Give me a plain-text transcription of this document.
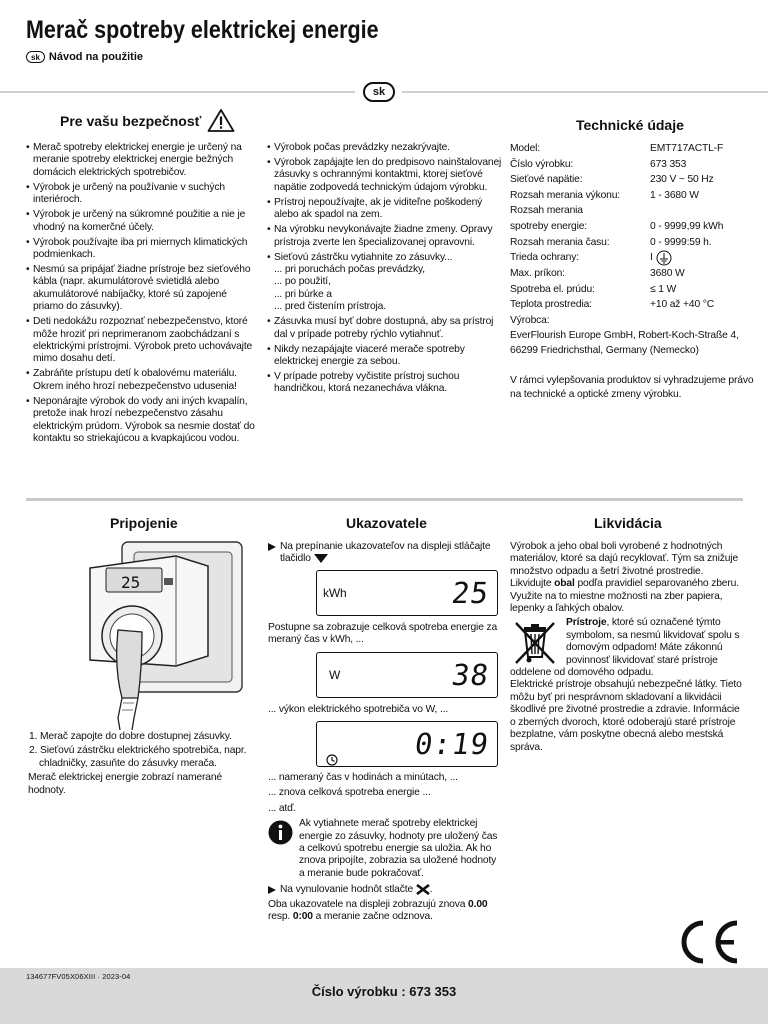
Merač spotreby elektrickej energie
sk Návod na použitie
sk
Pre vašu bezpečnosť
• Merač spotreby elektrickej energie je určený na meranie spotreby elektrickej energie bežných domácich elektrických spotrebičov.
• Výrobok je určený na používanie v suchých interiéroch.
• Výrobok je určený na súkromné použitie a nie je vhodný na komerčné účely.
• Výrobok používajte iba pri miernych klimatických podmienkach.
• Nesmú sa pripájať žiadne prístroje bez sieťového kábla (napr. akumulátorové svietidlá alebo akumulátorové nabíjačky, ktoré sú zapojené priamo do zásuvky).
• Deti nedokážu rozpoznať nebezpečenstvo, ktoré môže hroziť pri neprimeranom zaobchádzaní s elektrickými prístrojmi. Výrobok preto uchovávajte mimo dosahu detí.
• Zabráňte prístupu detí k obalovému materiálu. Okrem iného hrozí nebezpečenstvo udusenia!
• Neponárajte výrobok do vody ani iných kvapalín, pretože inak hrozí nebezpečenstvo zásahu elektrickým prúdom. Výrobok sa nesmie dostať do kontaktu so striekajúcou a kvapkajúcou vodou.
• Výrobok počas prevádzky nezakrývajte.
• Výrobok zapájajte len do predpisovo nainštalovanej zásuvky s ochrannými kontaktmi, ktorej sieťové napätie zodpovedá technickým údajom výrobku.
• Prístroj nepoužívajte, ak je viditeľne poškodený alebo ak spadol na zem.
• Na výrobku nevykonávajte žiadne zmeny. Opravy prístroja zverte len špecializovanej opravovni.
• Sieťovú zástrčku vytiahnite zo zásuvky...
... pri poruchách počas prevádzky,
... po použití,
... pri búrke a
... pred čistením prístroja.
• Zásuvka musí byť dobre dostupná, aby sa prístroj dal v prípade potreby rýchlo vytiahnuť.
• Nikdy nezapájajte viaceré merače spotreby elektrickej energie za sebou.
• V prípade potreby vyčistite prístroj suchou handričkou, ktorá nezanecháva vlákna.
Technické údaje
Model:	EMT717ACTL-F
Číslo výrobku:	673 353
Sieťové napätie:	230 V ~ 50 Hz
Rozsah merania výkonu:	1 - 3680 W
Rozsah merania
spotreby energie:	0 - 9999,99 kWh
Rozsah merania času:	0 - 9999:59 h.
Trieda ochrany:	I
Max. príkon:	3680 W
Spotreba el. prúdu:	≤ 1 W
Teplota prostredia:	+10 až +40 °C
Výrobca:
EverFlourish Europe GmbH, Robert-Koch-Straße 4,
66299 Friedrichsthal, Germany (Nemecko)
V rámci vylepšovania produktov si vyhradzujeme právo na technické a optické zmeny výrobku.
Pripojenie
25
1. Merač zapojte do dobre dostupnej zásuvky.
2. Sieťovú zástrčku elektrického spotrebiča, napr. chladničky, zasuňte do zásuvky merača.
Merač elektrickej energie zobrazí namerané hodnoty.
Ukazovatele
Na prepínanie ukazovateľov na displeji stláčajte tlačidlo
kWh	25
Postupne sa zobrazuje celková spotreba energie za meraný čas v kWh, ...
W	38
... výkon elektrického spotrebiča vo W, ...
0:19
... nameraný čas v hodinách a minútach, ...
... znova celková spotreba energie ...
... atď.
Ak vytiahnete merač spotreby elektrickej energie zo zásuvky, hodnoty pre uložený čas a celkovú spotrebu energie sa uložia. Ak ho znova pripojíte, zobrazia sa uložené hodnoty a meranie bude pokračovať.
Na vynulovanie hodnôt stlačte .
Oba ukazovatele na displeji zobrazujú znova 0.00
resp. 0:00 a meranie začne odznova.
Likvidácia
Výrobok a jeho obal boli vyrobené z hodnotných materiálov, ktoré sa dajú recyklovať. Tým sa znižuje množstvo odpadu a šetrí životné prostredie.
Likvidujte obal podľa pravidiel separovaného zberu. Využite na to miestne možnosti na zber papiera, lepenky a ľahkých obalov.
Prístroje, ktoré sú označené týmto symbolom, sa nesmú likvidovať spolu s domovým odpadom! Máte zákonnú povinnosť likvidovať staré prístroje oddelene od domového odpadu.
Elektrické prístroje obsahujú nebezpečné látky. Tieto môžu byť pri nesprávnom skladovaní a likvidácii škodlivé pre životné prostredie a zdravie. Informácie o zberných dvoroch, ktoré odoberajú staré prístroje bezplatne, vám poskytne obecná alebo mestská správa.
134677FV05X06XIII · 2023-04
Číslo výrobku : 673 353
